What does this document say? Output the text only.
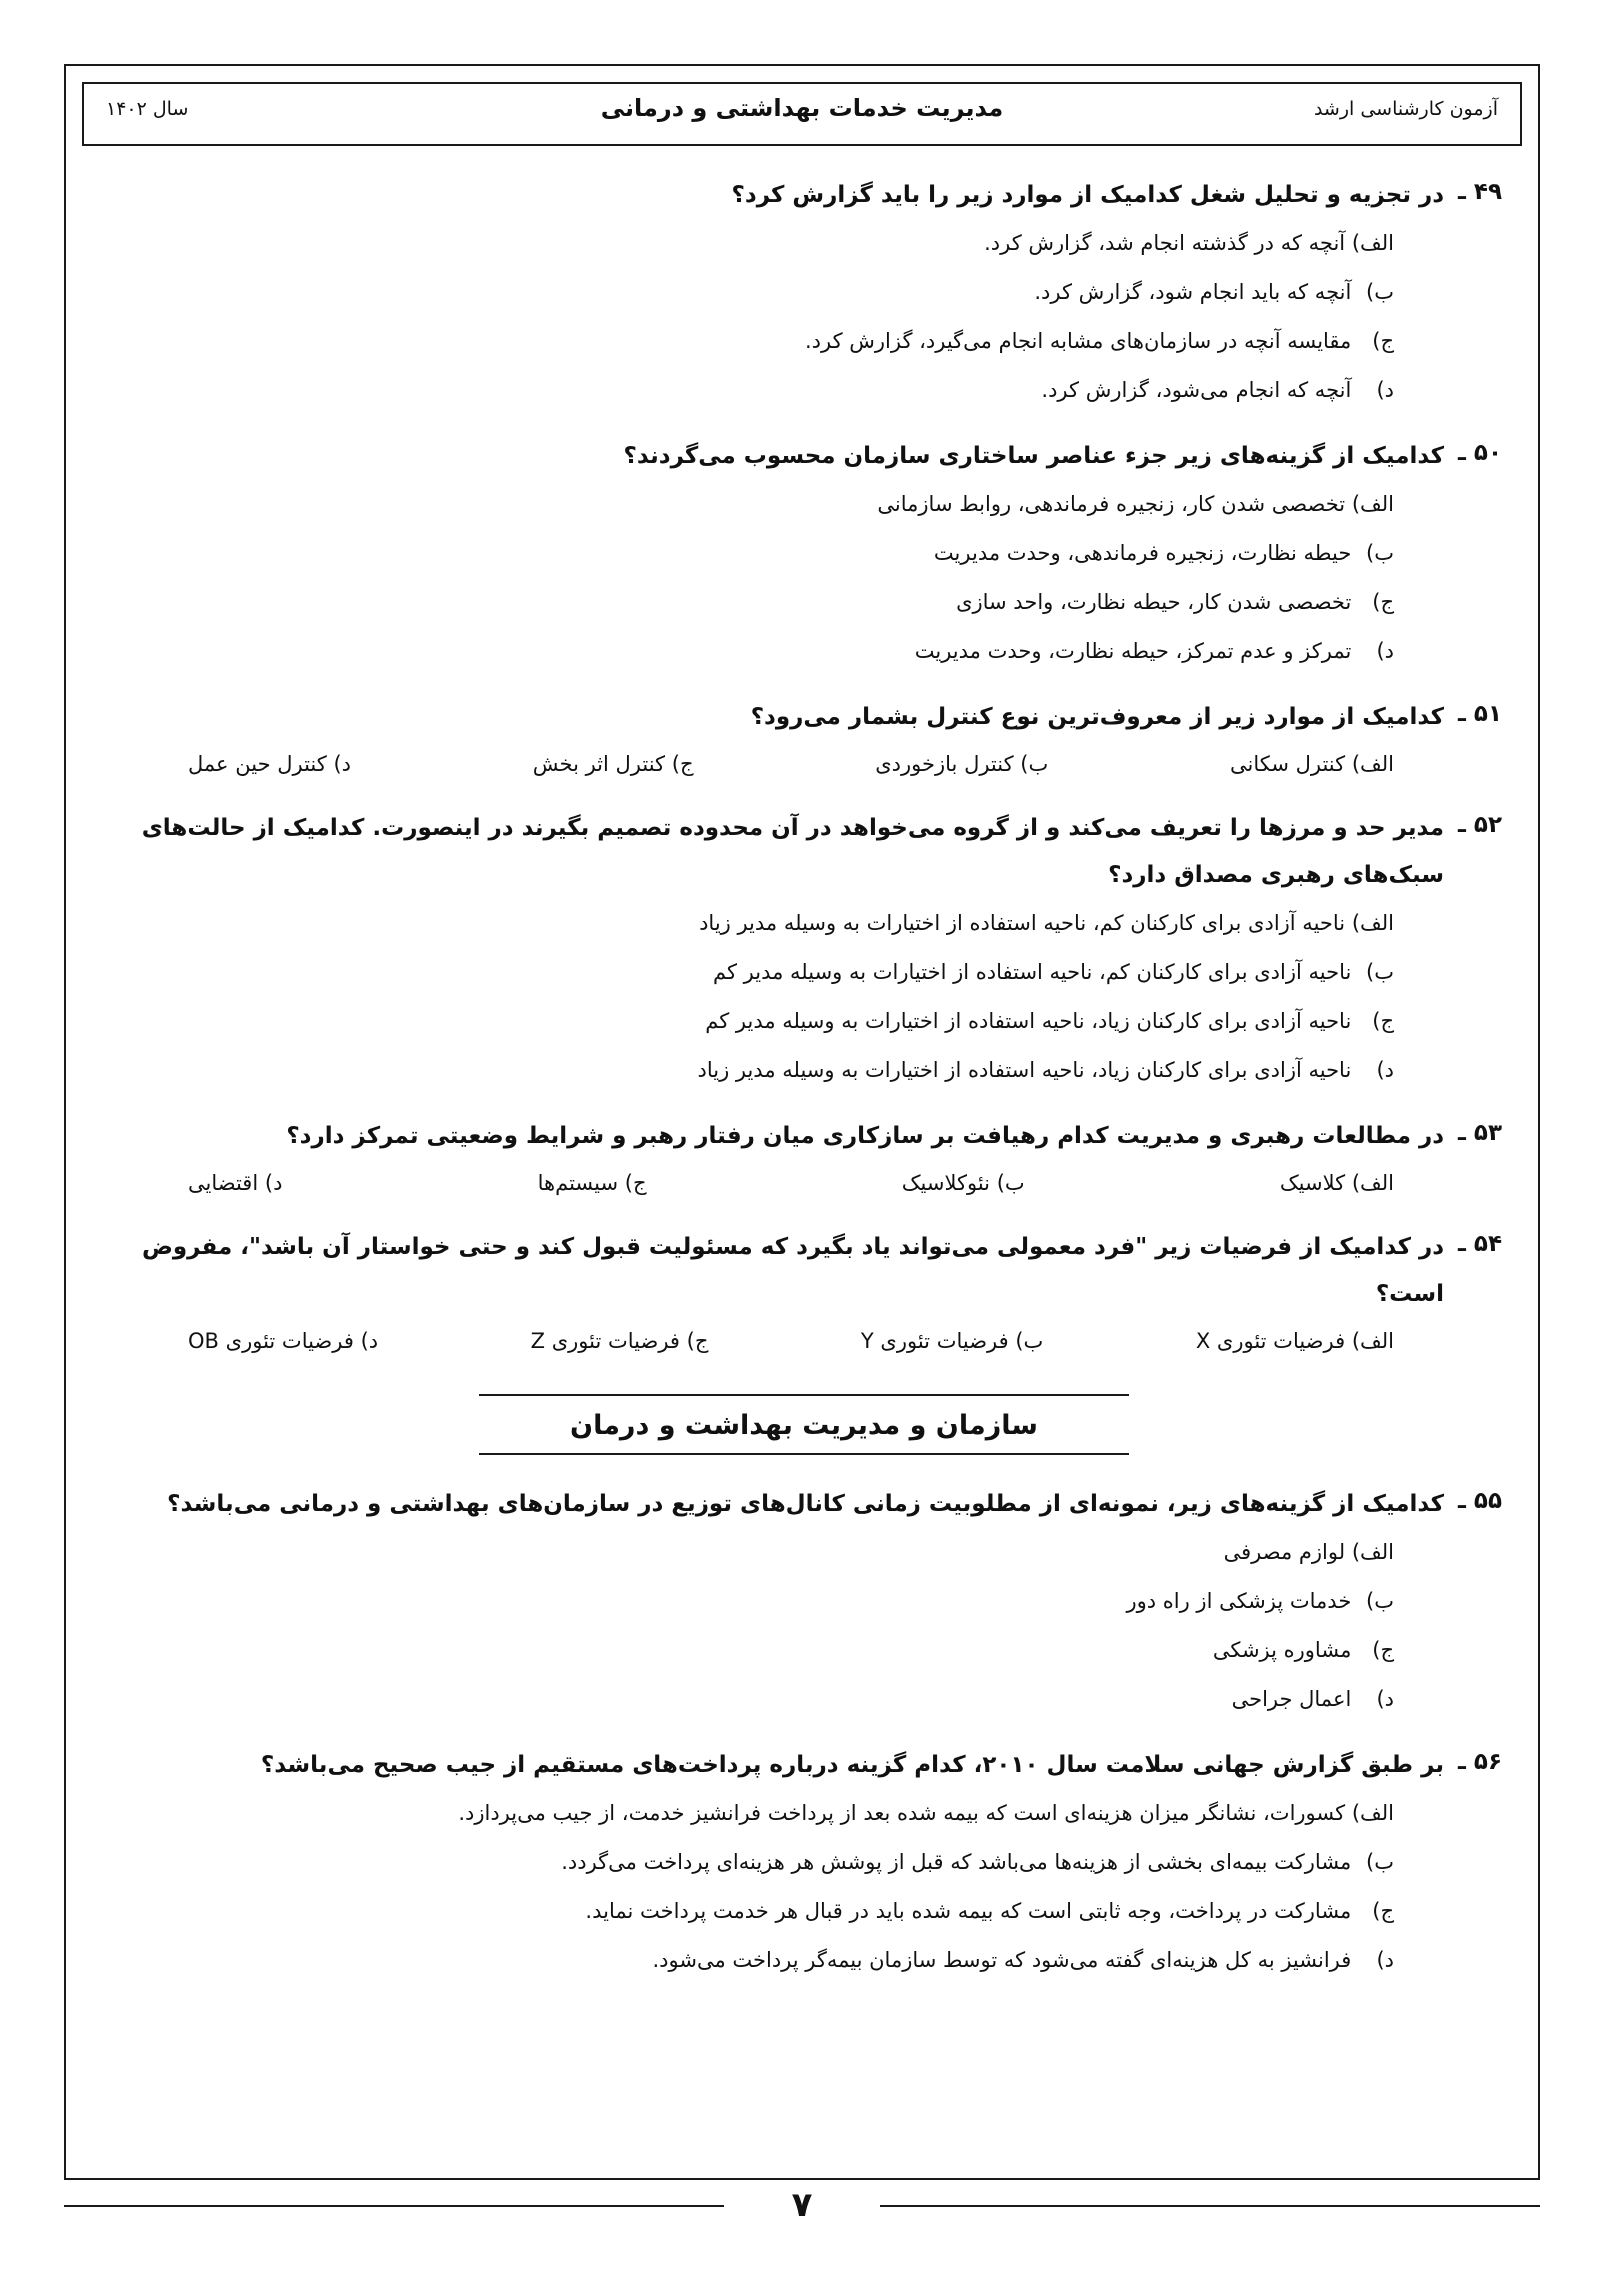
آزمون کارشناسی ارشد
مدیریت خدمات بهداشتی و درمانی
سال ۱۴۰۲
۴۹ ـ
در تجزیه و تحلیل شغل کدامیک از موارد زیر را باید گزارش کرد؟
الف) آنچه که در گذشته انجام شد، گزارش کرد.
ب) آنچه که باید انجام شود، گزارش کرد.
ج) مقایسه آنچه در سازمان‌های مشابه انجام می‌گیرد، گزارش کرد.
د) آنچه که انجام می‌شود، گزارش کرد.
۵۰ ـ
کدامیک از گزینه‌های زیر جزء عناصر ساختاری سازمان محسوب می‌گردند؟
الف) تخصصی شدن کار، زنجیره فرماندهی، روابط سازمانی
ب) حیطه نظارت، زنجیره فرماندهی، وحدت مدیریت
ج) تخصصی شدن کار، حیطه نظارت، واحد سازی
د) تمرکز و عدم تمرکز، حیطه نظارت، وحدت مدیریت
۵۱ ـ
کدامیک از موارد زیر از معروف‌ترین نوع کنترل بشمار می‌رود؟
الف) کنترل سکانی
ب) کنترل بازخوردی
ج) کنترل اثر بخش
د) کنترل حین عمل
۵۲ ـ
مدیر حد و مرزها را تعریف می‌کند و از گروه می‌خواهد در آن محدوده تصمیم بگیرند در اینصورت. کدامیک از حالت‌های سبک‌های رهبری مصداق دارد؟
الف) ناحیه آزادی برای کارکنان کم، ناحیه استفاده از اختیارات به وسیله مدیر زیاد
ب) ناحیه آزادی برای کارکنان کم، ناحیه استفاده از اختیارات به وسیله مدیر کم
ج) ناحیه آزادی برای کارکنان زیاد، ناحیه استفاده از اختیارات به وسیله مدیر کم
د) ناحیه آزادی برای کارکنان زیاد، ناحیه استفاده از اختیارات به وسیله مدیر زیاد
۵۳ ـ
در مطالعات رهبری و مدیریت کدام رهیافت بر سازکاری میان رفتار رهبر و شرایط وضعیتی تمرکز دارد؟
الف) کلاسیک
ب) نئوکلاسیک
ج) سیستم‌ها
د) اقتضایی
۵۴ ـ
در کدامیک از فرضیات زیر "فرد معمولی می‌تواند یاد بگیرد که مسئولیت قبول کند و حتی خواستار آن باشد"، مفروض است؟
الف) فرضیات تئوری X
ب) فرضیات تئوری Y
ج) فرضیات تئوری Z
د) فرضیات تئوری OB
سازمان و مدیریت بهداشت و درمان
۵۵ ـ
کدامیک از گزینه‌های زیر، نمونه‌ای از مطلوبیت زمانی کانال‌های توزیع در سازمان‌های بهداشتی و درمانی می‌باشد؟
الف) لوازم مصرفی
ب) خدمات پزشکی از راه دور
ج) مشاوره پزشکی
د) اعمال جراحی
۵۶ ـ
بر طبق گزارش جهانی سلامت سال ۲۰۱۰، کدام گزینه درباره پرداخت‌های مستقیم از جیب صحیح می‌باشد؟
الف) کسورات، نشانگر میزان هزینه‌ای است که بیمه شده بعد از پرداخت فرانشیز خدمت، از جیب می‌پردازد.
ب) مشارکت بیمه‌ای بخشی از هزینه‌ها می‌باشد که قبل از پوشش هر هزینه‌ای پرداخت می‌گردد.
ج) مشارکت در پرداخت، وجه ثابتی است که بیمه شده باید در قبال هر خدمت پرداخت نماید.
د) فرانشیز به کل هزینه‌ای گفته می‌شود که توسط سازمان بیمه‌گر پرداخت می‌شود.
۷
